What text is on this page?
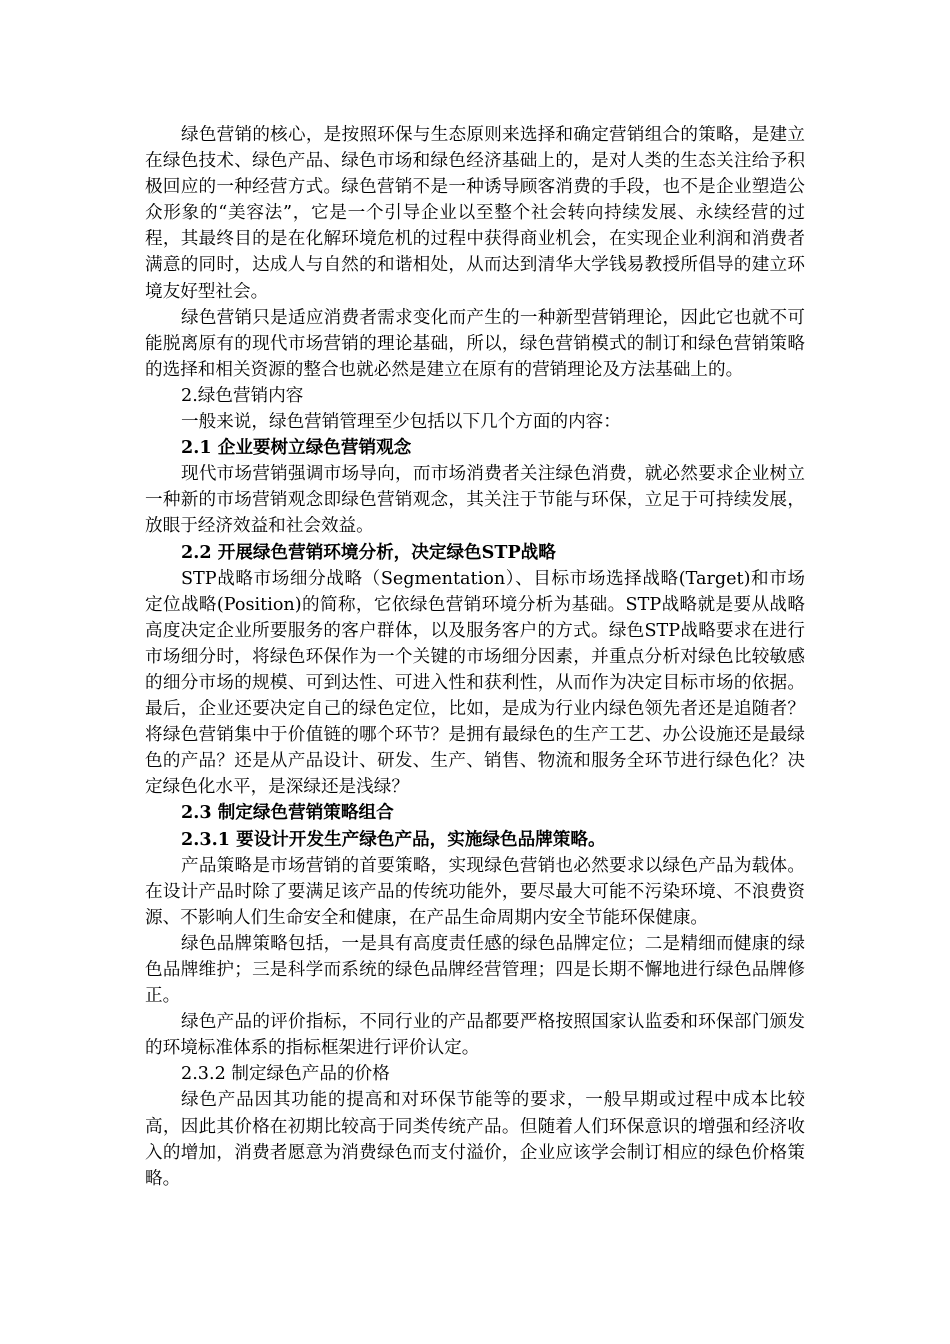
绿色营销的核心，是按照环保与生态原则来选择和确定营销组合的策略，是建立在绿色技术、绿色产品、绿色市场和绿色经济基础上的，是对人类的生态关注给予积极回应的一种经营方式。绿色营销不是一种诱导顾客消费的手段，也不是企业塑造公众形象的“美容法”，它是一个引导企业以至整个社会转向持续发展、永续经营的过程，其最终目的是在化解环境危机的过程中获得商业机会，在实现企业利润和消费者满意的同时，达成人与自然的和谐相处，从而达到清华大学钱易教授所倡导的建立环境友好型社会。

绿色营销只是适应消费者需求变化而产生的一种新型营销理论，因此它也就不可能脱离原有的现代市场营销的理论基础，所以，绿色营销模式的制订和绿色营销策略的选择和相关资源的整合也就必然是建立在原有的营销理论及方法基础上的。

2.绿色营销内容

一般来说，绿色营销管理至少包括以下几个方面的内容：

2.1 企业要树立绿色营销观念

现代市场营销强调市场导向，而市场消费者关注绿色消费，就必然要求企业树立一种新的市场营销观念即绿色营销观念，其关注于节能与环保，立足于可持续发展，放眼于经济效益和社会效益。

2.2 开展绿色营销环境分析，决定绿色STP战略

STP战略市场细分战略（Segmentation）、目标市场选择战略(Target)和市场定位战略(Position)的简称，它依绿色营销环境分析为基础。STP战略就是要从战略高度决定企业所要服务的客户群体，以及服务客户的方式。绿色STP战略要求在进行市场细分时，将绿色环保作为一个关键的市场细分因素，并重点分析对绿色比较敏感的细分市场的规模、可到达性、可进入性和获利性，从而作为决定目标市场的依据。最后，企业还要决定自己的绿色定位，比如，是成为行业内绿色领先者还是追随者？将绿色营销集中于价值链的哪个环节？是拥有最绿色的生产工艺、办公设施还是最绿色的产品？还是从产品设计、研发、生产、销售、物流和服务全环节进行绿色化？决定绿色化水平，是深绿还是浅绿？

2.3 制定绿色营销策略组合

2.3.1 要设计开发生产绿色产品，实施绿色品牌策略。

产品策略是市场营销的首要策略，实现绿色营销也必然要求以绿色产品为载体。在设计产品时除了要满足该产品的传统功能外，要尽最大可能不污染环境、不浪费资源、不影响人们生命安全和健康，在产品生命周期内安全节能环保健康。

绿色品牌策略包括，一是具有高度责任感的绿色品牌定位；二是精细而健康的绿色品牌维护；三是科学而系统的绿色品牌经营管理；四是长期不懈地进行绿色品牌修正。

绿色产品的评价指标，不同行业的产品都要严格按照国家认监委和环保部门颁发的环境标准体系的指标框架进行评价认定。

2.3.2 制定绿色产品的价格

绿色产品因其功能的提高和对环保节能等的要求，一般早期或过程中成本比较高，因此其价格在初期比较高于同类传统产品。但随着人们环保意识的增强和经济收入的增加，消费者愿意为消费绿色而支付溢价，企业应该学会制订相应的绿色价格策略。
